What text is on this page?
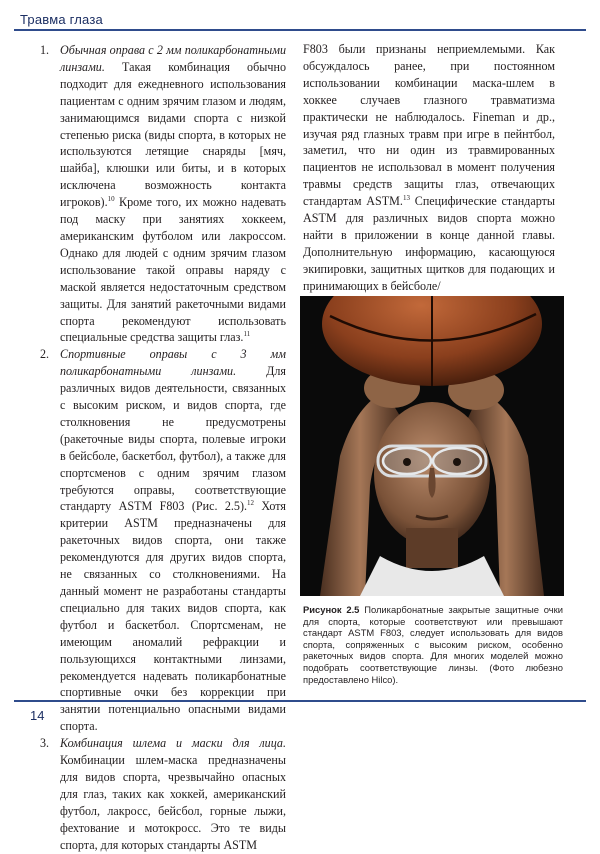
Травма глаза

1. Обычная оправа с 2 мм поликарбонатными линзами. Такая комбинация обычно подходит для ежедневного использования пациентам с одним зрячим глазом и людям, занимающимся видами спорта с низкой степенью риска (виды спорта, в которых не используются летящие снаряды [мяч, шайба], клюшки или биты, и в которых исключена возможность контакта игроков).$^{10}$ Кроме того, их можно надевать под маску при занятиях хоккеем, американским футболом или лакроссом. Однако для людей с одним зрячим глазом использование такой оправы наряду с маской является недостаточным средством защиты. Для занятий ракеточными видами спорта рекомендуют использовать специальные средства защиты глаз.$^{11}$

2. Спортивные оправы с 3 мм поликарбонатными линзами. Для различных видов деятельности, связанных с высоким риском, и видов спорта, где столкновения не предусмотрены (ракеточные виды спорта, полевые игроки в бейсболе, баскетбол, футбол), а также для спортсменов с одним зрячим глазом требуются оправы, соответствующие стандарту ASTM F803 (Рис. 2.5).$^{12}$ Хотя критерии ASTM предназначены для ракеточных видов спорта, они также рекомендуются для других видов спорта, не связанных со столкновениями. На данный момент не разработаны стандарты специально для таких видов спорта, как футбол и баскетбол. Спортсменам, не имеющим аномалий рефракции и пользующихся контактными линзами, рекомендуется надевать поликарбонатные спортивные очки без коррекции при занятии потенциально опасными видами спорта.

3. Комбинация шлема и маски для лица. Комбинации шлем-маска предназначены для видов спорта, чрезвычайно опасных для глаз, таких как хоккей, американский футбол, лакросс, бейсбол, горные лыжи, фехтование и мотокросс. Это те виды спорта, для которых стандарты ASTM

F803 были признаны неприемлемыми. Как обсуждалось ранее, при постоянном использовании комбинации маска-шлем в хоккее случаев глазного травматизма практически не наблюдалось. Fineman и др., изучая ряд глазных травм при игре в пейнтбол, заметил, что ни один из травмированных пациентов не использовал в момент получения травмы средств защиты глаз, отвечающих стандартам ASTM.$^{13}$ Специфические стандарты ASTM для различных видов спорта можно найти в приложении в конце данной главы. Дополнительную информацию, касающуюся экипировки, защитных щитков для подающих и принимающих в бейсболе/

Рисунок 2.5 Поликарбонатные закрытые защитные очки для спорта, которые соответствуют или превышают стандарт ASTM F803, следует использовать для видов спорта, сопряженных с высоким риском, особенно ракеточных видов спорта. Для многих моделей можно подобрать соответствующие линзы. (Фото любезно предоставлено Hilco).
14
